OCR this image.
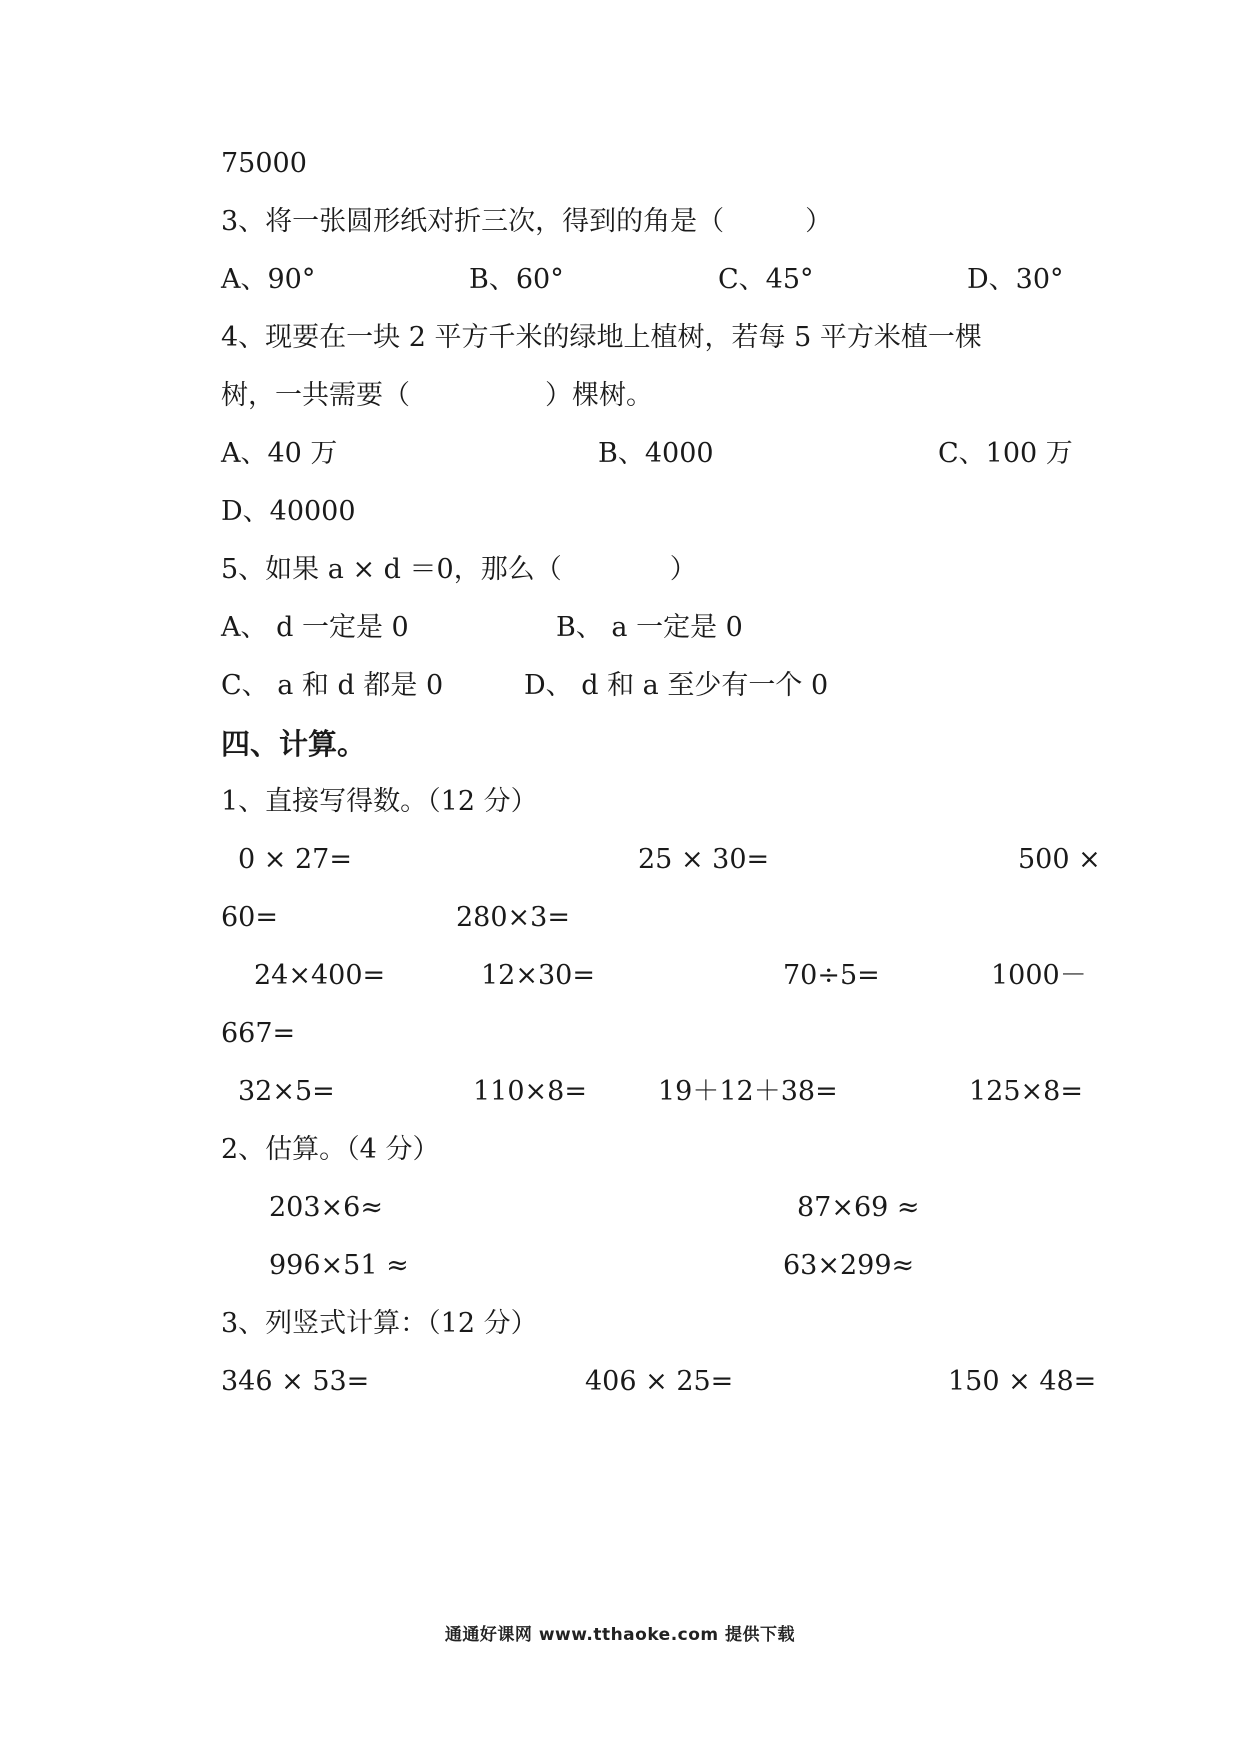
75000
3、将一张圆形纸对折三次，得到的角是（　　　）
A、90°	B、60°	C、45°	D、30°
4、现要在一块 2 平方千米的绿地上植树，若每 5 平方米植一棵
树，一共需要（　　　　　）棵树。
A、40 万	B、4000	C、100 万
D、40000
5、如果 a × d ＝0，那么（　　　　）
A、 d 一定是 0	B、 a 一定是 0
C、 a 和 d 都是 0	D、 d 和 a 至少有一个 0
四、计算。
1、直接写得数。（12 分）
0 × 27=	25 × 30=	500 ×
60=	280×3=
24×400=	12×30=	70÷5=	1000－
667=
32×5=	110×8=	19＋12＋38=	125×8=
2、估算。（4 分）
203×6≈	87×69 ≈
996×51 ≈	63×299≈
3、列竖式计算：（12 分）
346 × 53=	406 × 25=	150 × 48=
通通好课网 www.tthaoke.com 提供下载
